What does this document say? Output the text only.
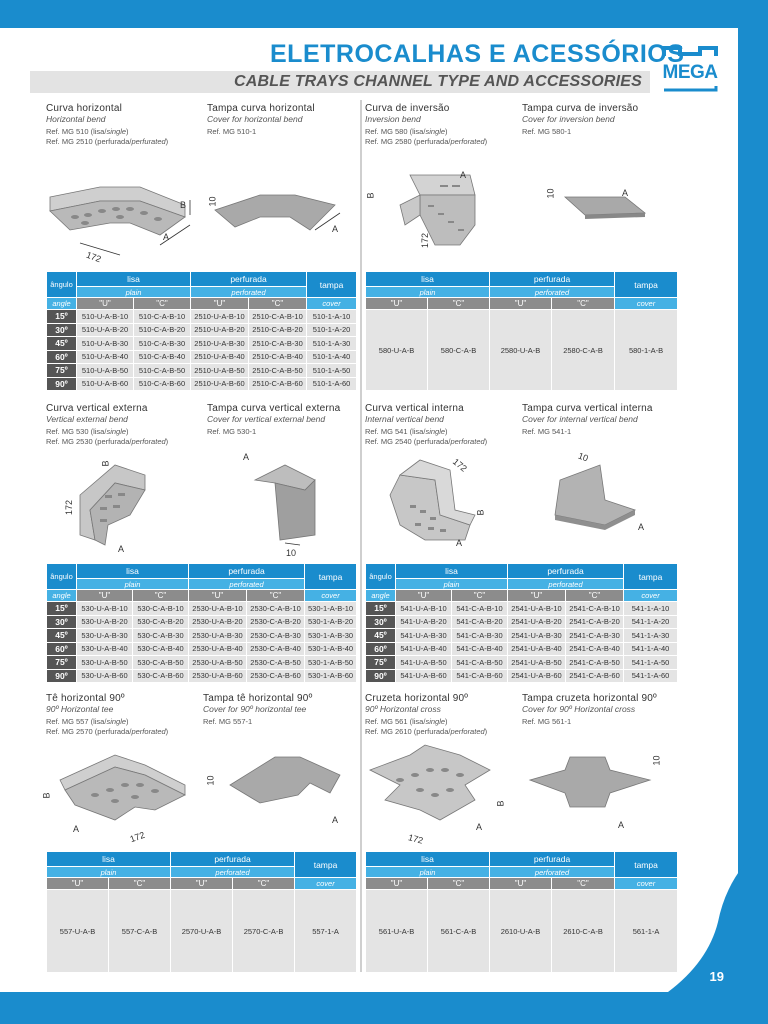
19
ELETROCALHAS E ACESSÓRIOS
CABLE TRAYS CHANNEL TYPE AND ACCESSORIES MEGA
Curva horizontal
Horizontal bend
Ref. MG 510 (lisa/single)
Ref. MG 2510 (perfurada/perfurated)
Tampa curva horizontal
Cover for horizontal bend
Ref. MG 510-1
Curva de inversão
Inversion bend
Ref. MG 580 (lisa/single)
Ref. MG 2580 (perfurada/perforated)
Tampa curva de inversão
Cover for inversion bend
Ref. MG 580-1
172
A
B 10
A
A
B
172
10	A
ângulo	lisa		perfurada		tampa
	plain		perforated		
angle	"U"	"C"	"U"	"C"	cover
15º	510-U-A-B-10	510-C-A-B-10	2510-U-A-B-10	2510-C-A-B-10	510-1-A-10
30º	510-U-A-B-20	510-C-A-B-20	2510-U-A-B-20	2510-C-A-B-20	510-1-A-20
45º	510-U-A-B-30	510-C-A-B-30	2510-U-A-B-30	2510-C-A-B-30	510-1-A-30
60º	510-U-A-B-40	510-C-A-B-40	2510-U-A-B-40	2510-C-A-B-40	510-1-A-40
75º	510-U-A-B-50	510-C-A-B-50	2510-U-A-B-50	2510-C-A-B-50	510-1-A-50
90º	510-U-A-B-60	510-C-A-B-60	2510-U-A-B-60	2510-C-A-B-60	510-1-A-60
lisa		perfurada		tampa
plain		perforated		
"U"	"C"	"U"	"C"	cover
580-U-A-B	580-C-A-B	2580-U-A-B	2580-C-A-B	580-1-A-B
Curva vertical externa
Vertical external bend
Ref. MG 530 (lisa/single)
Ref. MG 2530 (perfurada/perforated)
Tampa curva vertical externa
Cover for vertical external bend
Ref. MG 530-1
Curva vertical interna
Internal vertical bend
Ref. MG 541 (lisa/single)
Ref. MG 2540 (perfurada/perforated)
Tampa curva vertical interna
Cover for internal vertical bend
Ref. MG 541-1
B
172
A
A
10
172
B
A
10
A
ângulo	lisa		perfurada		tampa
	plain		perforated		
angle	"U"	"C"	"U"	"C"	cover
15º	530-U-A-B-10	530-C-A-B-10	2530-U-A-B-10	2530-C-A-B-10	530-1-A-B-10
30º	530-U-A-B-20	530-C-A-B-20	2530-U-A-B-20	2530-C-A-B-20	530-1-A-B-20
45º	530-U-A-B-30	530-C-A-B-30	2530-U-A-B-30	2530-C-A-B-30	530-1-A-B-30
60º	530-U-A-B-40	530-C-A-B-40	2530-U-A-B-40	2530-C-A-B-40	530-1-A-B-40
75º	530-U-A-B-50	530-C-A-B-50	2530-U-A-B-50	2530-C-A-B-50	530-1-A-B-50
90º	530-U-A-B-60	530-C-A-B-60	2530-U-A-B-60	2530-C-A-B-60	530-1-A-B-60
ângulo	lisa		perfurada		tampa
	plain		perforated		
angle	"U"	"C"	"U"	"C"	cover
15º	541-U-A-B-10	541-C-A-B-10	2541-U-A-B-10	2541-C-A-B-10	541-1-A-10
30º	541-U-A-B-20	541-C-A-B-20	2541-U-A-B-20	2541-C-A-B-20	541-1-A-20
45º	541-U-A-B-30	541-C-A-B-30	2541-U-A-B-30	2541-C-A-B-30	541-1-A-30
60º	541-U-A-B-40	541-C-A-B-40	2541-U-A-B-40	2541-C-A-B-40	541-1-A-40
75º	541-U-A-B-50	541-C-A-B-50	2541-U-A-B-50	2541-C-A-B-50	541-1-A-50
90º	541-U-A-B-60	541-C-A-B-60	2541-U-A-B-60	2541-C-A-B-60	541-1-A-60
Tê horizontal 90º
90º Horizontal tee
Ref. MG 557 (lisa/single)
Ref. MG 2570 (perfurada/perforated)
Tampa tê horizontal 90º
Cover for 90º horizontal tee
Ref. MG 557-1
Cruzeta horizontal 90º
90º Horizontal cross
Ref. MG 561 (lisa/single)
Ref. MG 2610 (perfurada/perforated)
Tampa cruzeta horizontal 90º
Cover for 90º Horizontal cross
Ref. MG 561-1
B
A
172
10
A
B
A
172
10
A
lisa		perfurada		tampa
plain		perforated		
"U"	"C"	"U"	"C"	cover
557-U-A-B	557-C-A-B	2570-U-A-B	2570-C-A-B	557-1-A
lisa		perfurada		tampa
plain		perforated		
"U"	"C"	"U"	"C"	cover
561-U-A-B	561-C-A-B	2610-U-A-B	2610-C-A-B	561-1-A
